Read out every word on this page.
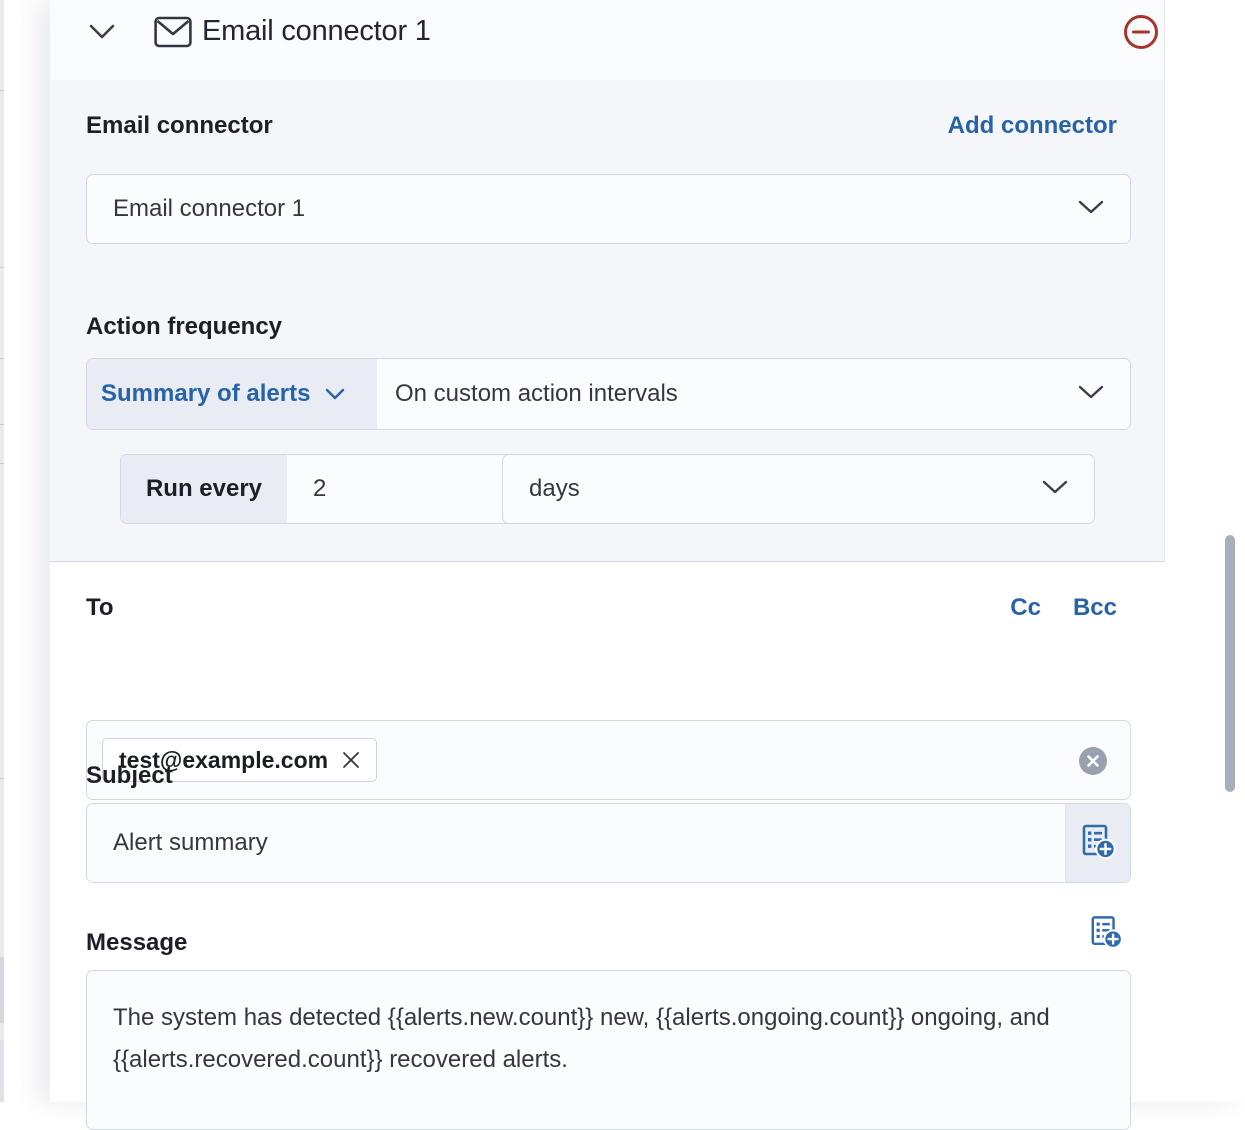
Email connector 1
Email connector	Add connector
Email connector 1
Action frequency
Summary of alerts	On custom action intervals
Run every
2	days
To	Cc Bcc
test@example.com
Subject
Alert summary
Message
The system has detected {{alerts.new.count}} new, {{alerts.ongoing.count}} ongoing, and {{alerts.recovered.count}} recovered alerts.
